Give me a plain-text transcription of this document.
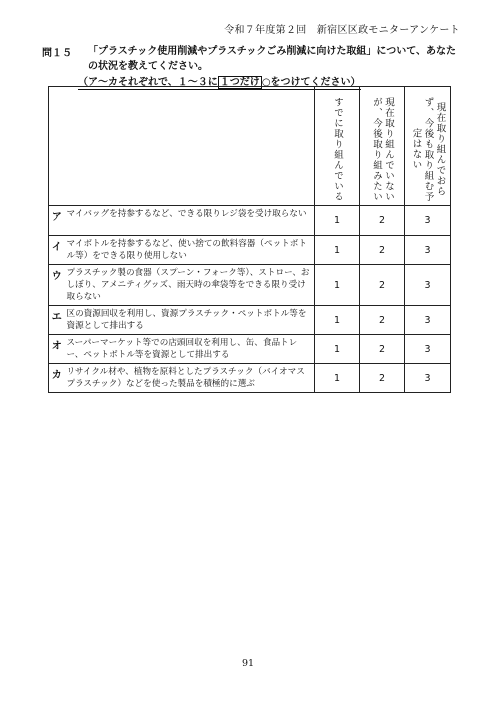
令和７年度第２回　新宿区区政モニターアンケート
問１５ 「プラスチック使用削減やプラスチックごみ削減に向けた取組」について、あなたの状況を教えてください。
（ア～カそれぞれで、１～３に １つだけ ○をつけてください）

		すでに取り組んでいる	現在取り組んでいないが、今後取り組みたい	現在取り組んでおらず、今後も取り組む予定はない

ア	マイバッグを持参するなど、できる限りレジ袋を受け取らない	1	2	3
イ	マイボトルを持参するなど、使い捨ての飲料容器（ペットボトル等）をできる限り使用しない	1	2	3
ウ	プラスチック製の食器（スプーン・フォーク等）、ストロー、おしぼり、アメニティグッズ、雨天時の傘袋等をできる限り受け取らない	1	2	3
エ	区の資源回収を利用し、資源プラスチック・ペットボトル等を資源として排出する	1	2	3
オ	スーパーマーケット等での店頭回収を利用し、缶、食品トレー、ペットボトル等を資源として排出する	1	2	3
カ	リサイクル材や、植物を原料としたプラスチック（バイオマスプラスチック）などを使った製品を積極的に選ぶ	1	2	3
91
